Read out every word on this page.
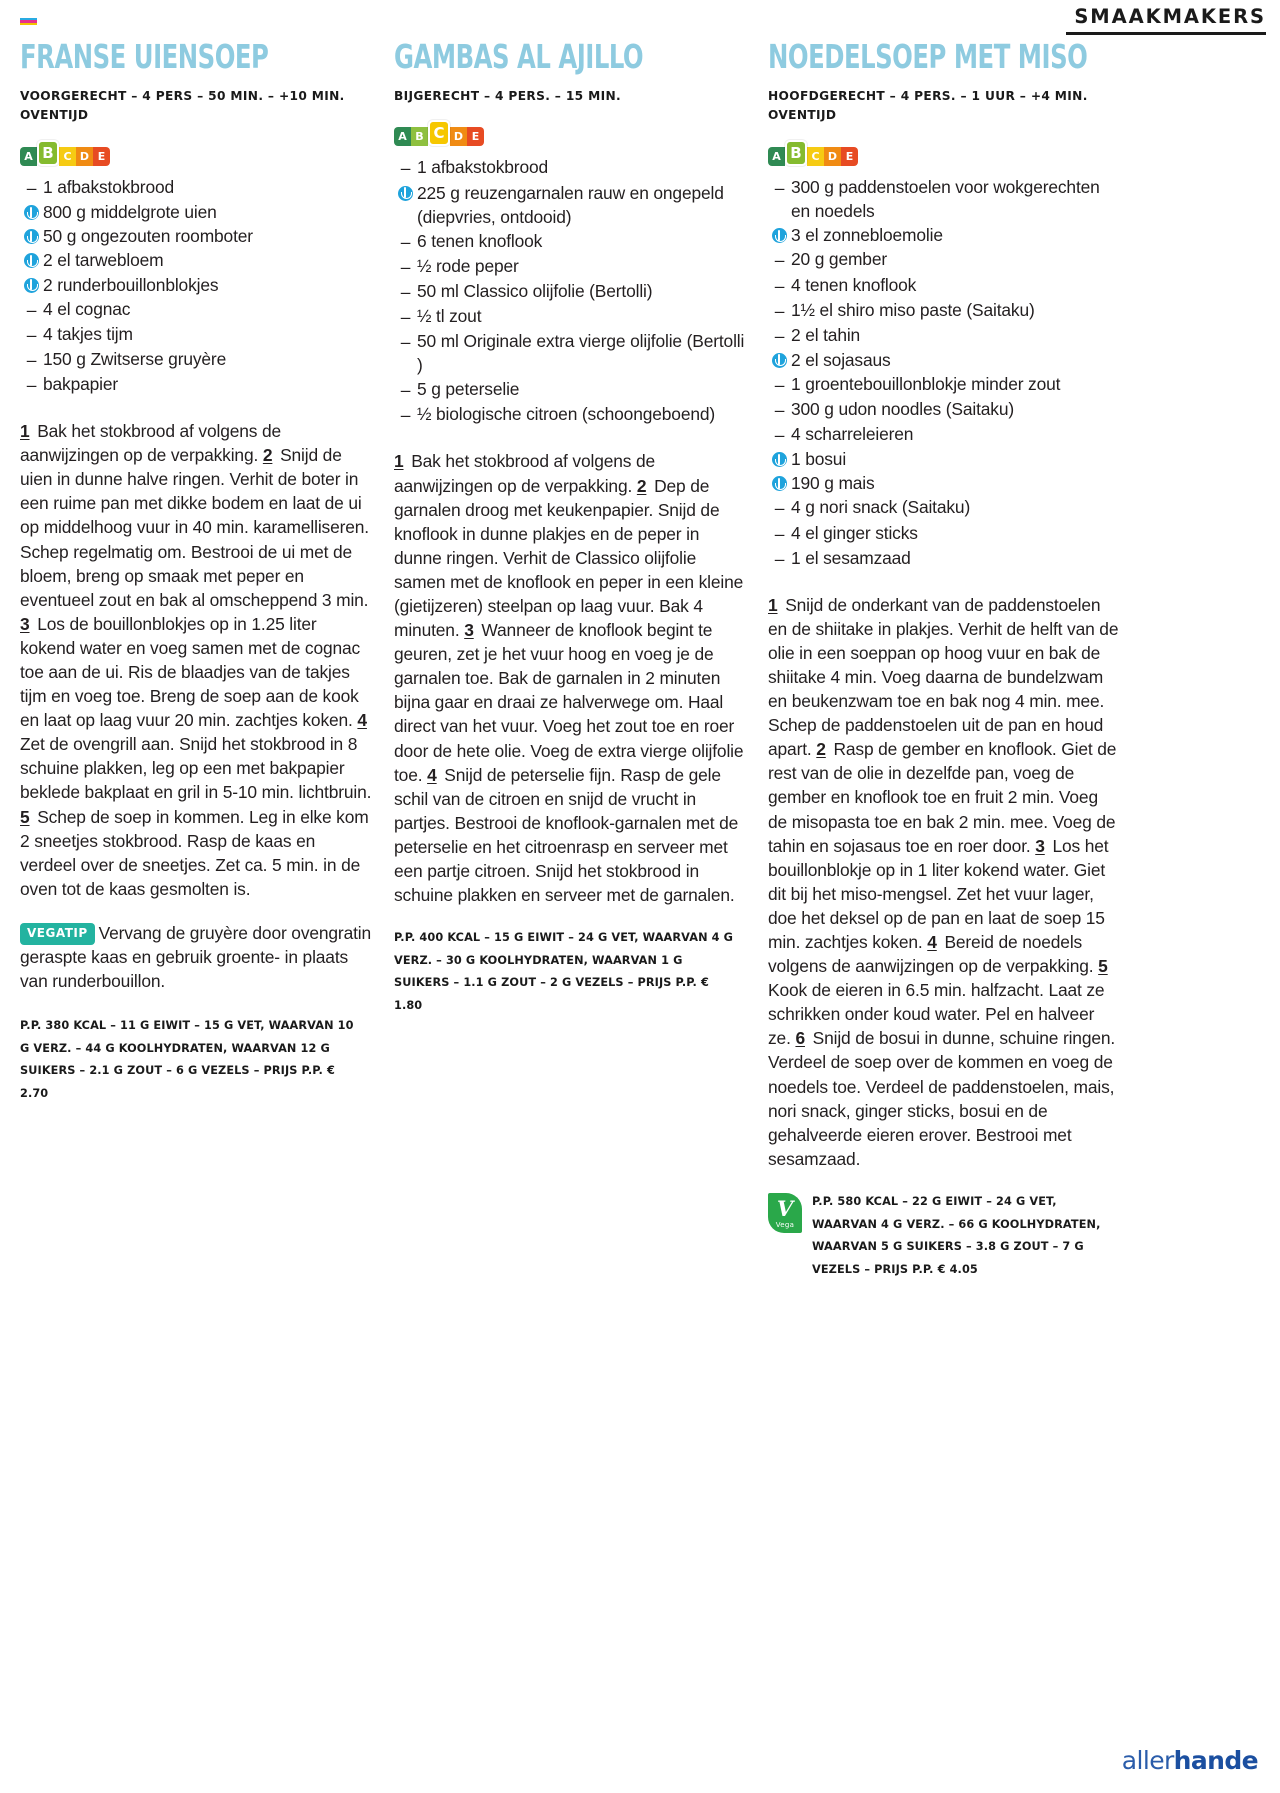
SMAAKMAKERS
FRANSE UIENSOEP
VOORGERECHT – 4 PERS – 50 MIN. – +10 MIN. OVENTIJD
A B C D E
– 1 afbakstokbrood
800 g middelgrote uien
50 g ongezouten roomboter
2 el tarwebloem
2 runderbouillonblokjes
– 4 el cognac
– 4 takjes tijm
– 150 g Zwitserse gruyère
– bakpapier
1 Bak het stokbrood af volgens de aanwijzingen op de verpakking. 2 Snijd de uien in dunne halve ringen. Verhit de boter in een ruime pan met dikke bodem en laat de ui op middelhoog vuur in 40 min. karamelliseren. Schep regelmatig om. Bestrooi de ui met de bloem, breng op smaak met peper en eventueel zout en bak al omscheppend 3 min. 3 Los de bouillonblokjes op in 1.25 liter kokend water en voeg samen met de cognac toe aan de ui. Ris de blaadjes van de takjes tijm en voeg toe. Breng de soep aan de kook en laat op laag vuur 20 min. zachtjes koken. 4 Zet de ovengrill aan. Snijd het stokbrood in 8 schuine plakken, leg op een met bakpapier beklede bakplaat en gril in 5-10 min. lichtbruin. 5 Schep de soep in kommen. Leg in elke kom 2 sneetjes stokbrood. Rasp de kaas en verdeel over de sneetjes. Zet ca. 5 min. in de oven tot de kaas gesmolten is.
VEGATIP Vervang de gruyère door ovengratin geraspte kaas en gebruik groente- in plaats van runderbouillon.
P.P. 380 KCAL – 11 G EIWIT – 15 G VET, WAARVAN 10 G VERZ. – 44 G KOOLHYDRATEN, WAARVAN 12 G SUIKERS – 2.1 G ZOUT – 6 G VEZELS – PRIJS P.P. € 2.70
GAMBAS AL AJILLO
BIJGERECHT – 4 PERS. – 15 MIN.
A B C D E
– 1 afbakstokbrood
225 g reuzengarnalen rauw en ongepeld (diepvries, ontdooid)
– 6 tenen knoflook
– ½ rode peper
– 50 ml Classico olijfolie (Bertolli)
– ½ tl zout
– 50 ml Originale extra vierge olijfolie (Bertolli )
– 5 g peterselie
– ½ biologische citroen (schoongeboend)
1 Bak het stokbrood af volgens de aanwijzingen op de verpakking. 2 Dep de garnalen droog met keukenpapier. Snijd de knoflook in dunne plakjes en de peper in dunne ringen. Verhit de Classico olijfolie samen met de knoflook en peper in een kleine (gietijzeren) steelpan op laag vuur. Bak 4 minuten. 3 Wanneer de knoflook begint te geuren, zet je het vuur hoog en voeg je de garnalen toe. Bak de garnalen in 2 minuten bijna gaar en draai ze halverwege om. Haal direct van het vuur. Voeg het zout toe en roer door de hete olie. Voeg de extra vierge olijfolie toe. 4 Snijd de peterselie fijn. Rasp de gele schil van de citroen en snijd de vrucht in partjes. Bestrooi de knoflook-garnalen met de peterselie en het citroenrasp en serveer met een partje citroen. Snijd het stokbrood in schuine plakken en serveer met de garnalen.
P.P. 400 KCAL – 15 G EIWIT – 24 G VET, WAARVAN 4 G VERZ. – 30 G KOOLHYDRATEN, WAARVAN 1 G SUIKERS – 1.1 G ZOUT – 2 G VEZELS – PRIJS P.P. € 1.80
NOEDELSOEP MET MISO
HOOFDGERECHT – 4 PERS. – 1 UUR – +4 MIN. OVENTIJD
A B C D E
– 300 g paddenstoelen voor wokgerechten en noedels
3 el zonnebloemolie
– 20 g gember
– 4 tenen knoflook
– 1½ el shiro miso paste (Saitaku)
– 2 el tahin
2 el sojasaus
– 1 groentebouillonblokje minder zout
– 300 g udon noodles (Saitaku)
– 4 scharreleieren
1 bosui
190 g mais
– 4 g nori snack (Saitaku)
– 4 el ginger sticks
– 1 el sesamzaad
1 Snijd de onderkant van de paddenstoelen en de shiitake in plakjes. Verhit de helft van de olie in een soeppan op hoog vuur en bak de shiitake 4 min. Voeg daarna de bundelzwam en beukenzwam toe en bak nog 4 min. mee. Schep de paddenstoelen uit de pan en houd apart. 2 Rasp de gember en knoflook. Giet de rest van de olie in dezelfde pan, voeg de gember en knoflook toe en fruit 2 min. Voeg de misopasta toe en bak 2 min. mee. Voeg de tahin en sojasaus toe en roer door. 3 Los het bouillonblokje op in 1 liter kokend water. Giet dit bij het miso-mengsel. Zet het vuur lager, doe het deksel op de pan en laat de soep 15 min. zachtjes koken. 4 Bereid de noedels volgens de aanwijzingen op de verpakking. 5 Kook de eieren in 6.5 min. halfzacht. Laat ze schrikken onder koud water. Pel en halveer ze. 6 Snijd de bosui in dunne, schuine ringen. Verdeel de soep over de kommen en voeg de noedels toe. Verdeel de paddenstoelen, mais, nori snack, ginger sticks, bosui en de gehalveerde eieren erover. Bestrooi met sesamzaad.
V
Vega
P.P. 580 KCAL – 22 G EIWIT – 24 G VET, WAARVAN 4 G VERZ. – 66 G KOOLHYDRATEN, WAARVAN 5 G SUIKERS – 3.8 G ZOUT – 7 G VEZELS – PRIJS P.P. € 4.05
allerhande
